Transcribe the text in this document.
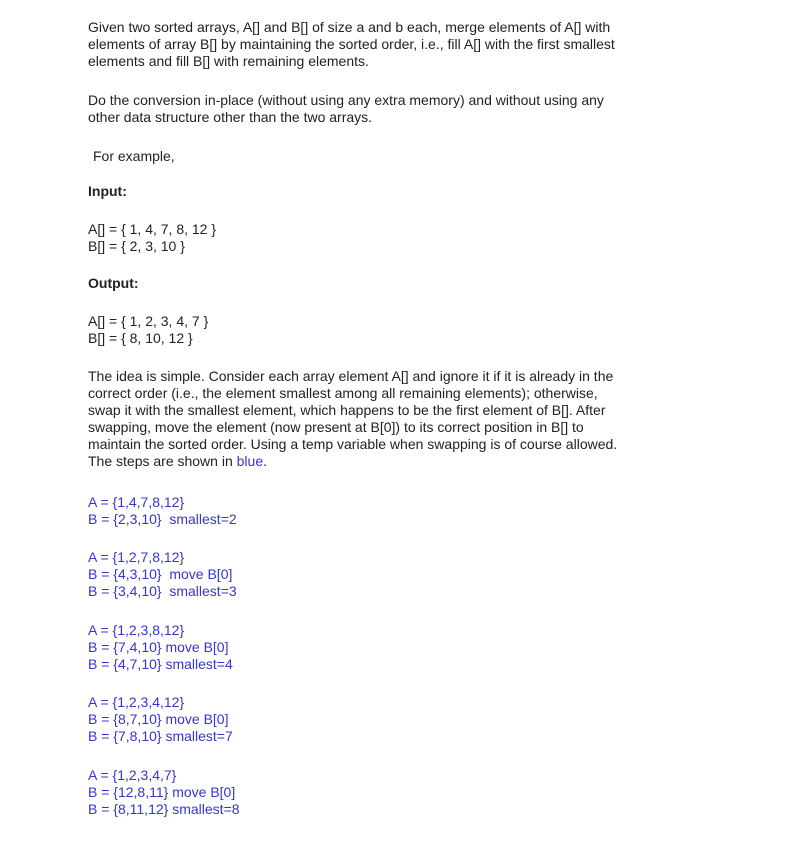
Given two sorted arrays, A[] and B[] of size a and b each, merge elements of A[] with
elements of array B[] by maintaining the sorted order, i.e., fill A[] with the first smallest
elements and fill B[] with remaining elements.
Do the conversion in-place (without using any extra memory) and without using any
other data structure other than the two arrays.
For example,
Input:
A[] = { 1, 4, 7, 8, 12 }
B[] = { 2, 3, 10 }
Output:
A[] = { 1, 2, 3, 4, 7 }
B[] = { 8, 10, 12 }
The idea is simple. Consider each array element A[] and ignore it if it is already in the
correct order (i.e., the element smallest among all remaining elements); otherwise,
swap it with the smallest element, which happens to be the first element of B[]. After
swapping, move the element (now present at B[0]) to its correct position in B[] to
maintain the sorted order. Using a temp variable when swapping is of course allowed.
The steps are shown in blue.
A = {1,4,7,8,12}
B = {2,3,10}  smallest=2
A = {1,2,7,8,12}
B = {4,3,10}  move B[0]
B = {3,4,10}  smallest=3
A = {1,2,3,8,12}
B = {7,4,10} move B[0]
B = {4,7,10} smallest=4
A = {1,2,3,4,12}
B = {8,7,10} move B[0]
B = {7,8,10} smallest=7
A = {1,2,3,4,7}
B = {12,8,11} move B[0]
B = {8,11,12} smallest=8
